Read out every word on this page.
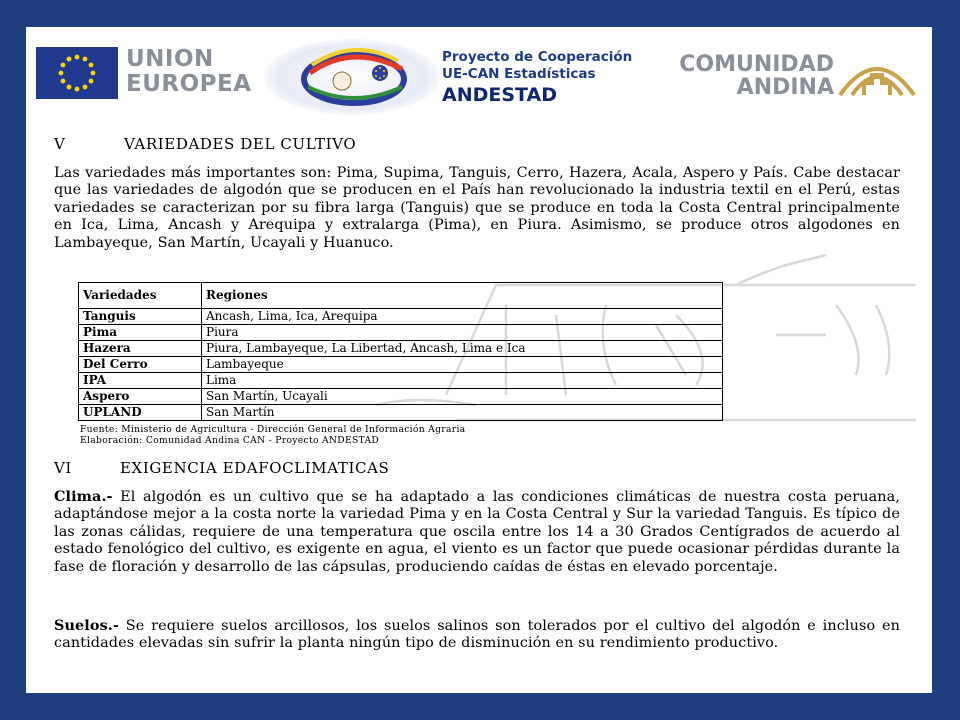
UNION
EUROPEA
Proyecto de Cooperación
UE-CAN Estadísticas
ANDESTAD
COMUNIDAD
ANDINA
V	VARIEDADES DEL CULTIVO
Las variedades más importantes son: Pima, Supima, Tanguis, Cerro, Hazera, Acala, Aspero y País. Cabe destacar que las variedades de algodón que se producen en el País han revolucionado la industria textil en el Perú, estas variedades se caracterizan por su fibra larga (Tanguis) que se produce en toda la Costa Central principalmente en Ica, Lima, Ancash y Arequipa y extralarga (Pima), en Piura. Asimismo, se produce otros algodones en Lambayeque, San Martín, Ucayali y Huanuco.
Variedades	Regiones
Tanguis	Ancash, Lima, Ica, Arequipa
Pima	Piura
Hazera	Piura, Lambayeque, La Libertad, Ancash, Lima e Ica
Del Cerro	Lambayeque
IPA	Lima
Aspero	San Martín, Ucayali
UPLAND	San Martín
Fuente: Ministerio de Agricultura - Dirección General de Información Agraria
Elaboración: Comunidad Andina CAN - Proyecto ANDESTAD
VI	EXIGENCIA EDAFOCLIMATICAS
Clima.- El algodón es un cultivo que se ha adaptado a las condiciones climáticas de nuestra costa peruana, adaptándose mejor a la costa norte la variedad Pima y en la Costa Central y Sur la variedad Tanguis. Es típico de las zonas cálidas, requiere de una temperatura que oscila entre los 14 a 30 Grados Centígrados de acuerdo al estado fenológico del cultivo, es exigente en agua, el viento es un factor que puede ocasionar pérdidas durante la fase de floración y desarrollo de las cápsulas, produciendo caídas de éstas en elevado porcentaje.
Suelos.- Se requiere suelos arcillosos, los suelos salinos son tolerados por el cultivo del algodón e incluso en cantidades elevadas sin sufrir la planta ningún tipo de disminución en su rendimiento productivo.
